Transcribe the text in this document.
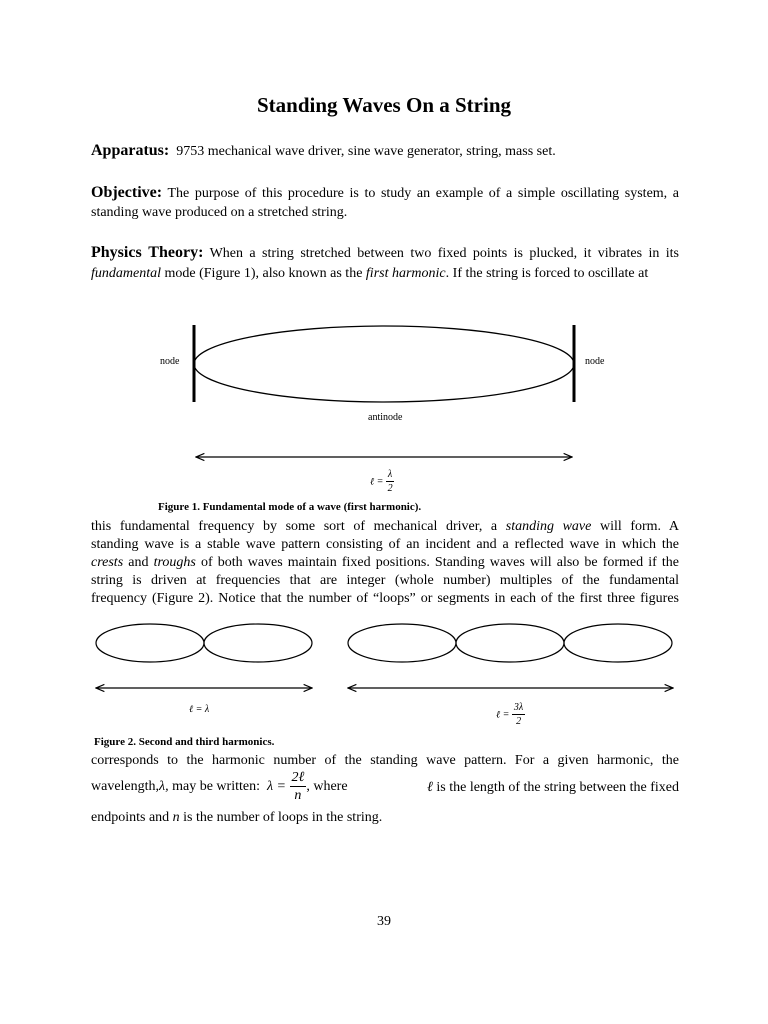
Standing Waves On a String
Apparatus: 9753 mechanical wave driver, sine wave generator, string, mass set.
Objective: The purpose of this procedure is to study an example of a simple oscillating system, a
standing wave produced on a stretched string.
Physics Theory: When a string stretched between two fixed points is plucked, it vibrates in its
fundamental mode (Figure 1), also known as the first harmonic. If the string is forced to oscillate at
node	node
antinode
ℓ = $\frac{\lambda}{2}$
Figure 1. Fundamental mode of a wave (first harmonic).
this fundamental frequency by some sort of mechanical driver, a standing wave will form. A
standing wave is a stable wave pattern consisting of an incident and a reflected wave in which the
crests and troughs of both waves maintain fixed positions. Standing waves will also be formed if the
string is driven at frequencies that are integer (whole number) multiples of the fundamental
frequency (Figure 2). Notice that the number of “loops” or segments in each of the first three figures
ℓ = λ	ℓ = $\frac{3\lambda}{2}$
Figure 2. Second and third harmonics.
corresponds to the harmonic number of the standing wave pattern. For a given harmonic, the
wavelength,λ, may be written: $\lambda = \frac{\text{2ℓ}}{n}$ , where	ℓ is the length of the string between the fixed
endpoints and n is the number of loops in the string.
39
